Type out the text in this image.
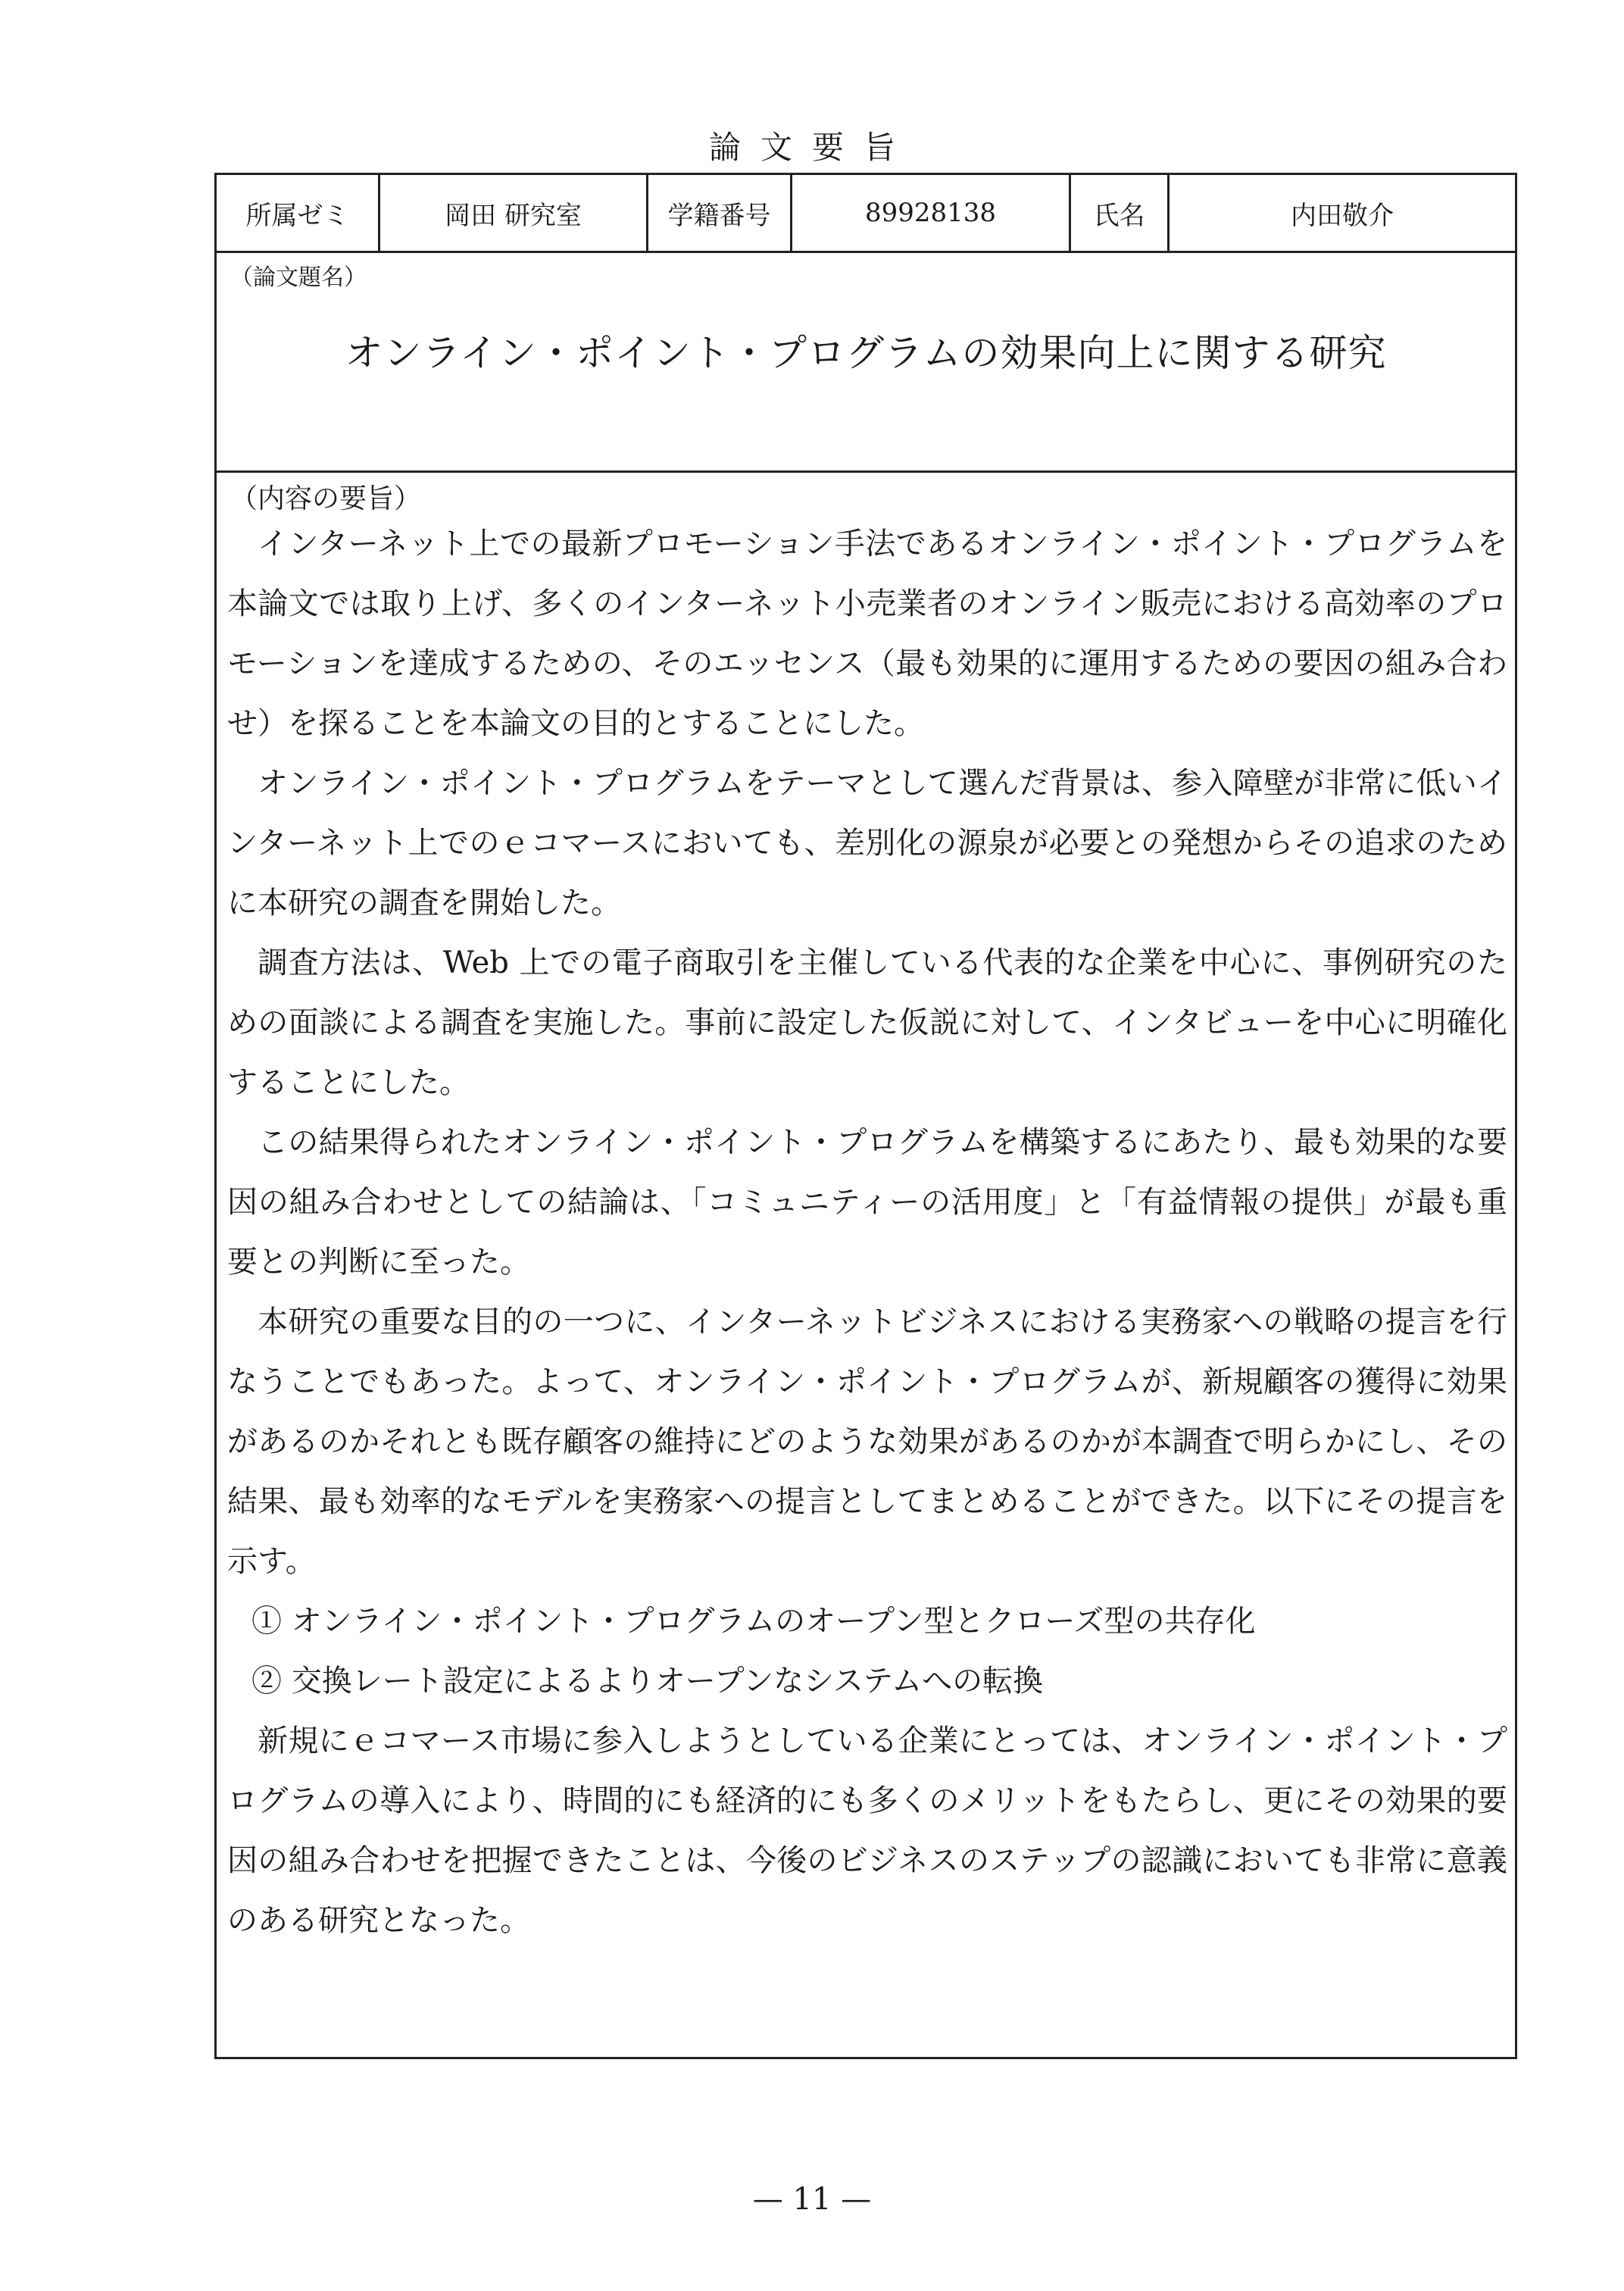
論文要旨
所属ゼミ	岡田 研究室	学籍番号	89928138	氏名	内田敬介
（論文題名）
オンライン・ポイント・プログラムの効果向上に関する研究
（内容の要旨）

インターネット上での最新プロモーション手法であるオンライン・ポイント・プログラムを本論文では取り上げ、多くのインターネット小売業者のオンライン販売における高効率のプロモーションを達成するための、そのエッセンス（最も効果的に運用するための要因の組み合わせ）を探ることを本論文の目的とすることにした。

オンライン・ポイント・プログラムをテーマとして選んだ背景は、参入障壁が非常に低いインターネット上でのｅコマースにおいても、差別化の源泉が必要との発想からその追求のために本研究の調査を開始した。

調査方法は、Web 上での電子商取引を主催している代表的な企業を中心に、事例研究のための面談による調査を実施した。事前に設定した仮説に対して、インタビューを中心に明確化することにした。

この結果得られたオンライン・ポイント・プログラムを構築するにあたり、最も効果的な要因の組み合わせとしての結論は、「コミュニティーの活用度」と「有益情報の提供」が最も重要との判断に至った。

本研究の重要な目的の一つに、インターネットビジネスにおける実務家への戦略の提言を行なうことでもあった。よって、オンライン・ポイント・プログラムが、新規顧客の獲得に効果があるのかそれとも既存顧客の維持にどのような効果があるのかが本調査で明らかにし、その結果、最も効率的なモデルを実務家への提言としてまとめることができた。以下にその提言を示す。

① オンライン・ポイント・プログラムのオープン型とクローズ型の共存化

② 交換レート設定によるよりオープンなシステムへの転換

新規にｅコマース市場に参入しようとしている企業にとっては、オンライン・ポイント・プログラムの導入により、時間的にも経済的にも多くのメリットをもたらし、更にその効果的要因の組み合わせを把握できたことは、今後のビジネスのステップの認識においても非常に意義のある研究となった。

— 11 —
